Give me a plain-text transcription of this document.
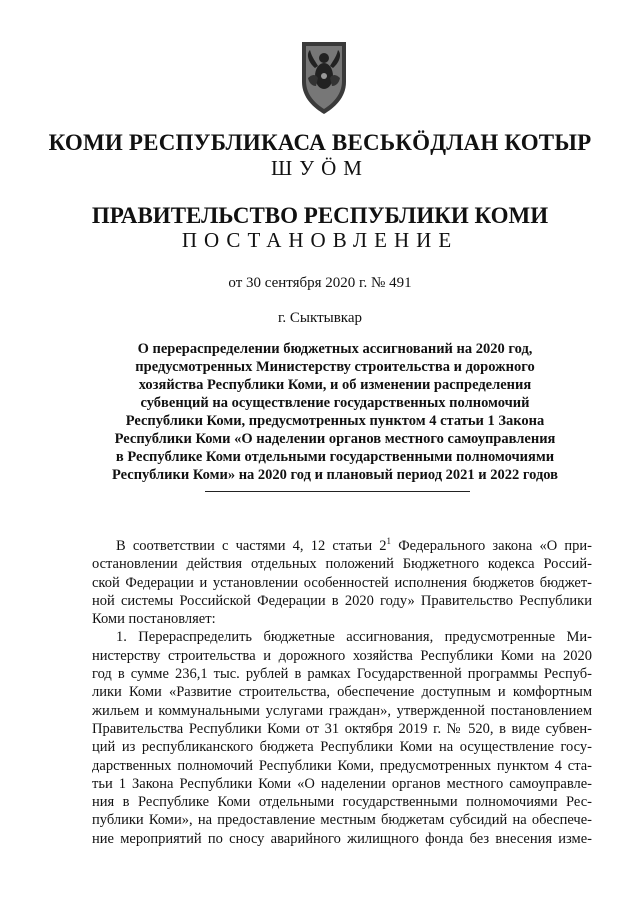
КОМИ РЕСПУБЛИКАСА ВЕСЬКӦДЛАН КОТЫР
ШУӦМ
ПРАВИТЕЛЬСТВО РЕСПУБЛИКИ КОМИ
ПОСТАНОВЛЕНИЕ
от 30 сентября 2020 г. № 491
г. Сыктывкар
О перераспределении бюджетных ассигнований на 2020 год,
предусмотренных Министерству строительства и дорожного
хозяйства Республики Коми, и об изменении распределения
субвенций на осуществление государственных полномочий
Республики Коми, предусмотренных пунктом 4 статьи 1 Закона
Республики Коми «О наделении органов местного самоуправления
в Республике Коми отдельными государственными полномочиями
Республики Коми» на 2020 год и плановый период 2021 и 2022 годов
В соответствии с частями 4, 12 статьи $2^1$ Федерального закона «О при-
остановлении действия отдельных положений Бюджетного кодекса Россий-
ской Федерации и установлении особенностей исполнения бюджетов бюджет-
ной системы Российской Федерации в 2020 году» Правительство Республики
Коми постановляет:
1. Перераспределить бюджетные ассигнования, предусмотренные Ми-
нистерству строительства и дорожного хозяйства Республики Коми на 2020
год в сумме 236,1 тыс. рублей в рамках Государственной программы Респуб-
лики Коми «Развитие строительства, обеспечение доступным и комфортным
жильем и коммунальными услугами граждан», утвержденной постановлением
Правительства Республики Коми от 31 октября 2019 г. № 520, в виде субвен-
ций из республиканского бюджета Республики Коми на осуществление госу-
дарственных полномочий Республики Коми, предусмотренных пунктом 4 ста-
тьи 1 Закона Республики Коми «О наделении органов местного самоуправле-
ния в Республике Коми отдельными государственными полномочиями Рес-
публики Коми», на предоставление местным бюджетам субсидий на обеспече-
ние мероприятий по сносу аварийного жилищного фонда без внесения изме-
